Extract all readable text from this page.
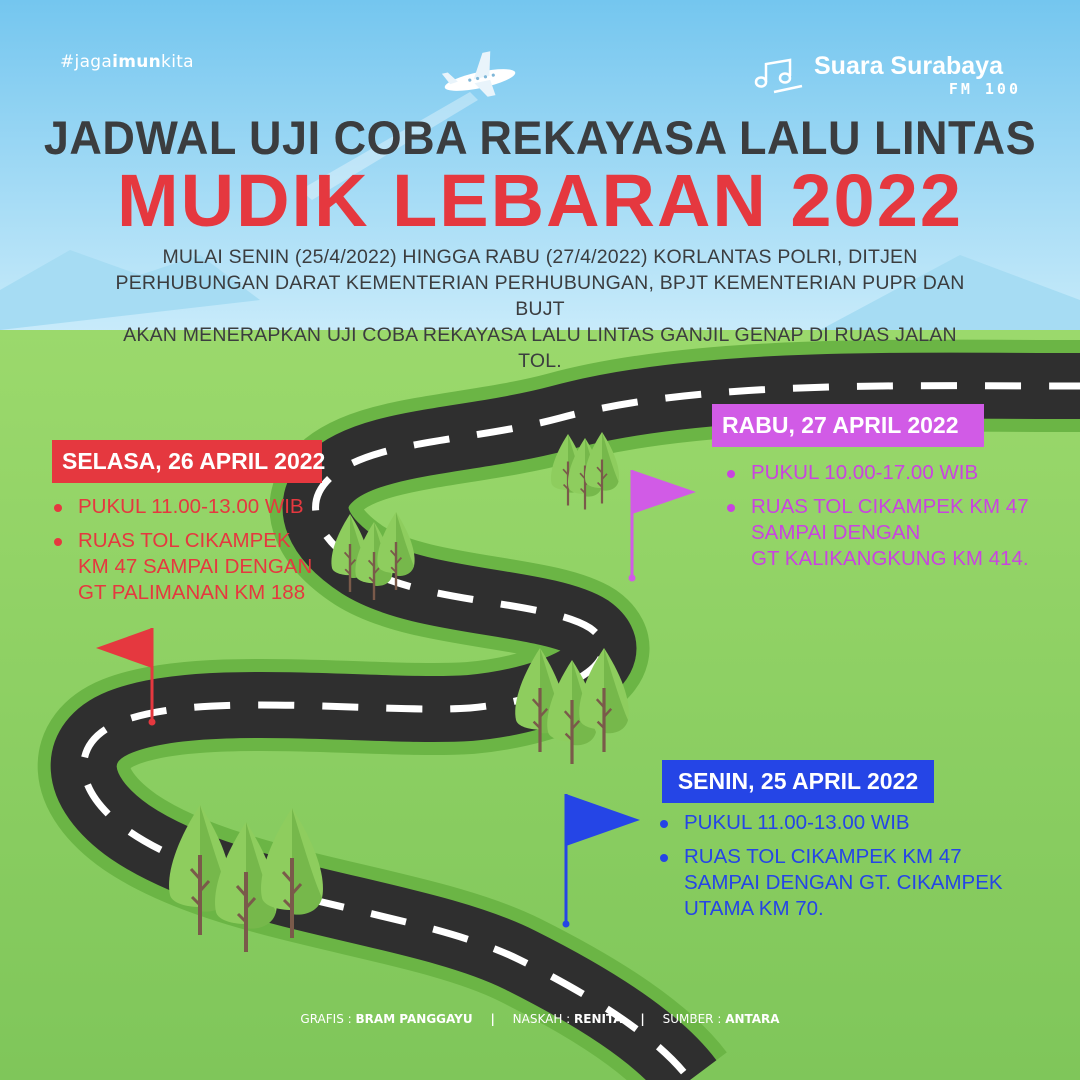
#jagaimunkita	Suara Surabaya
FM 100
JADWAL UJI COBA REKAYASA LALU LINTAS
MUDIK LEBARAN 2022
MULAI SENIN (25/4/2022) HINGGA RABU (27/4/2022) KORLANTAS POLRI, DITJEN
PERHUBUNGAN DARAT KEMENTERIAN PERHUBUNGAN, BPJT KEMENTERIAN PUPR DAN BUJT
AKAN MENERAPKAN UJI COBA REKAYASA LALU LINTAS GANJIL GENAP DI RUAS JALAN TOL.
SELASA, 26 APRIL 2022
PUKUL 11.00-13.00 WIB
RUAS TOL CIKAMPEK
KM 47 SAMPAI DENGAN
GT PALIMANAN KM 188
RABU, 27 APRIL 2022
PUKUL 10.00-17.00 WIB
RUAS TOL CIKAMPEK KM 47
SAMPAI DENGAN
GT KALIKANGKUNG KM 414.
SENIN, 25 APRIL 2022
PUKUL 11.00-13.00 WIB
RUAS TOL CIKAMPEK KM 47
SAMPAI DENGAN GT. CIKAMPEK
UTAMA KM 70.
GRAFIS : BRAM PANGGAYU | NASKAH : RENITA | SUMBER : ANTARA
